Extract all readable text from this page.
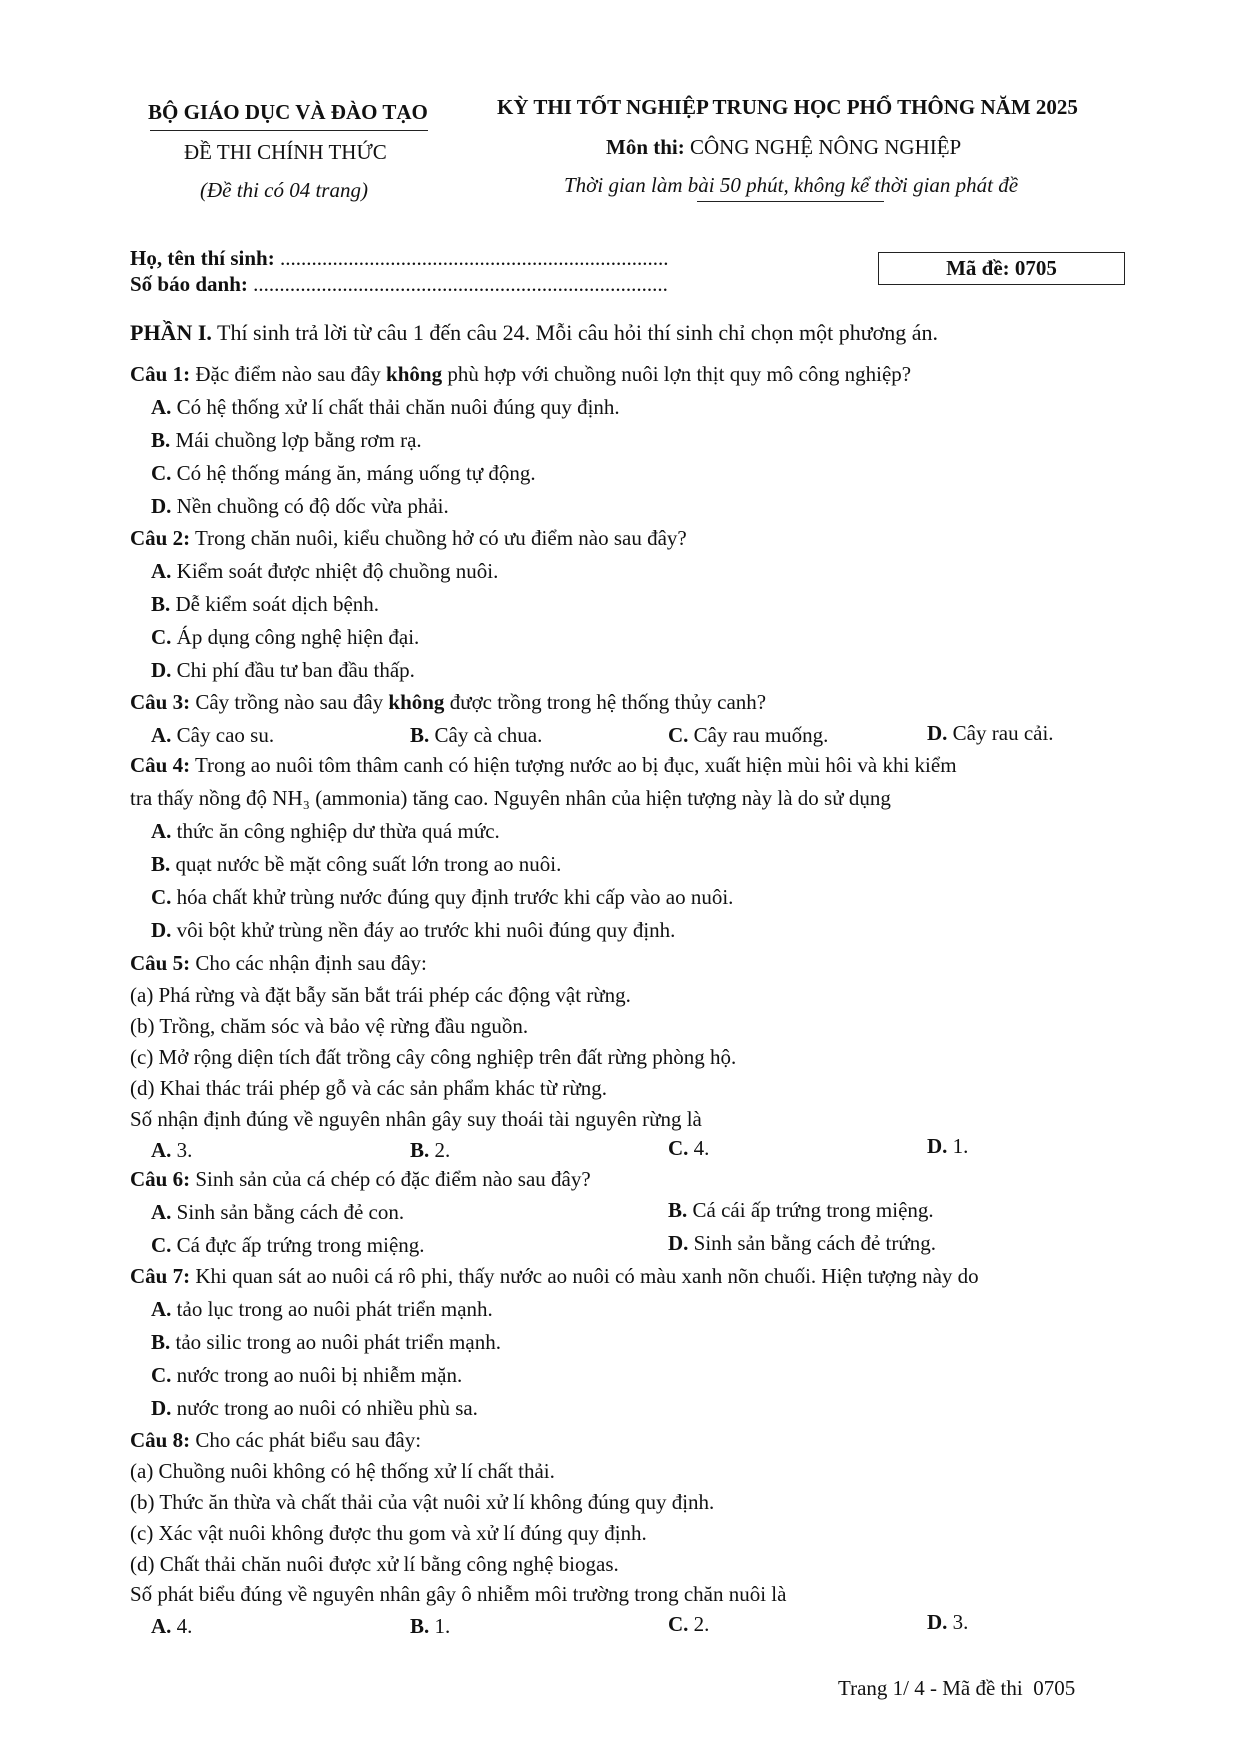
BỘ GIÁO DỤC VÀ ĐÀO TẠO
ĐỀ THI CHÍNH THỨC
(Đề thi có 04 trang)
KỲ THI TỐT NGHIỆP TRUNG HỌC PHỔ THÔNG NĂM 2025
Môn thi: CÔNG NGHỆ NÔNG NGHIỆP
Thời gian làm bài 50 phút, không kể thời gian phát đề
Họ, tên thí sinh: ..........................................................................
Số báo danh: ...............................................................................
Mã đề:
0705
PHẦN I. Thí sinh trả lời từ câu 1 đến câu 24. Mỗi câu hỏi thí sinh chỉ chọn một phương án.
Câu 1: Đặc điểm nào sau đây không phù hợp với chuồng nuôi lợn thịt quy mô công nghiệp?
A. Có hệ thống xử lí chất thải chăn nuôi đúng quy định.
B. Mái chuồng lợp bằng rơm rạ.
C. Có hệ thống máng ăn, máng uống tự động.
D. Nền chuồng có độ dốc vừa phải.
Câu 2: Trong chăn nuôi, kiểu chuồng hở có ưu điểm nào sau đây?
A. Kiểm soát được nhiệt độ chuồng nuôi.
B. Dễ kiểm soát dịch bệnh.
C. Áp dụng công nghệ hiện đại.
D. Chi phí đầu tư ban đầu thấp.
Câu 3: Cây trồng nào sau đây không được trồng trong hệ thống thủy canh?
A. Cây cao su.	B. Cây cà chua.	C. Cây rau muống.	D. Cây rau cải.
Câu 4: Trong ao nuôi tôm thâm canh có hiện tượng nước ao bị đục, xuất hiện mùi hôi và khi kiểm
tra thấy nồng độ NH₃ (ammonia) tăng cao. Nguyên nhân của hiện tượng này là do sử dụng
A. thức ăn công nghiệp dư thừa quá mức.
B. quạt nước bề mặt công suất lớn trong ao nuôi.
C. hóa chất khử trùng nước đúng quy định trước khi cấp vào ao nuôi.
D. vôi bột khử trùng nền đáy ao trước khi nuôi đúng quy định.
Câu 5: Cho các nhận định sau đây:
(a) Phá rừng và đặt bẫy săn bắt trái phép các động vật rừng.
(b) Trồng, chăm sóc và bảo vệ rừng đầu nguồn.
(c) Mở rộng diện tích đất trồng cây công nghiệp trên đất rừng phòng hộ.
(d) Khai thác trái phép gỗ và các sản phẩm khác từ rừng.
Số nhận định đúng về nguyên nhân gây suy thoái tài nguyên rừng là
A. 3.	B. 2.	C. 4.	D. 1.
Câu 6: Sinh sản của cá chép có đặc điểm nào sau đây?
A. Sinh sản bằng cách đẻ con.	B. Cá cái ấp trứng trong miệng.
C. Cá đực ấp trứng trong miệng.	D. Sinh sản bằng cách đẻ trứng.
Câu 7: Khi quan sát ao nuôi cá rô phi, thấy nước ao nuôi có màu xanh nõn chuối. Hiện tượng này do
A. tảo lục trong ao nuôi phát triển mạnh.
B. tảo silic trong ao nuôi phát triển mạnh.
C. nước trong ao nuôi bị nhiễm mặn.
D. nước trong ao nuôi có nhiều phù sa.
Câu 8: Cho các phát biểu sau đây:
(a) Chuồng nuôi không có hệ thống xử lí chất thải.
(b) Thức ăn thừa và chất thải của vật nuôi xử lí không đúng quy định.
(c) Xác vật nuôi không được thu gom và xử lí đúng quy định.
(d) Chất thải chăn nuôi được xử lí bằng công nghệ biogas.
Số phát biểu đúng về nguyên nhân gây ô nhiễm môi trường trong chăn nuôi là
A. 4.	B. 1.	C. 2.	D. 3.
Trang 1/ 4 - Mã đề thi 0705
